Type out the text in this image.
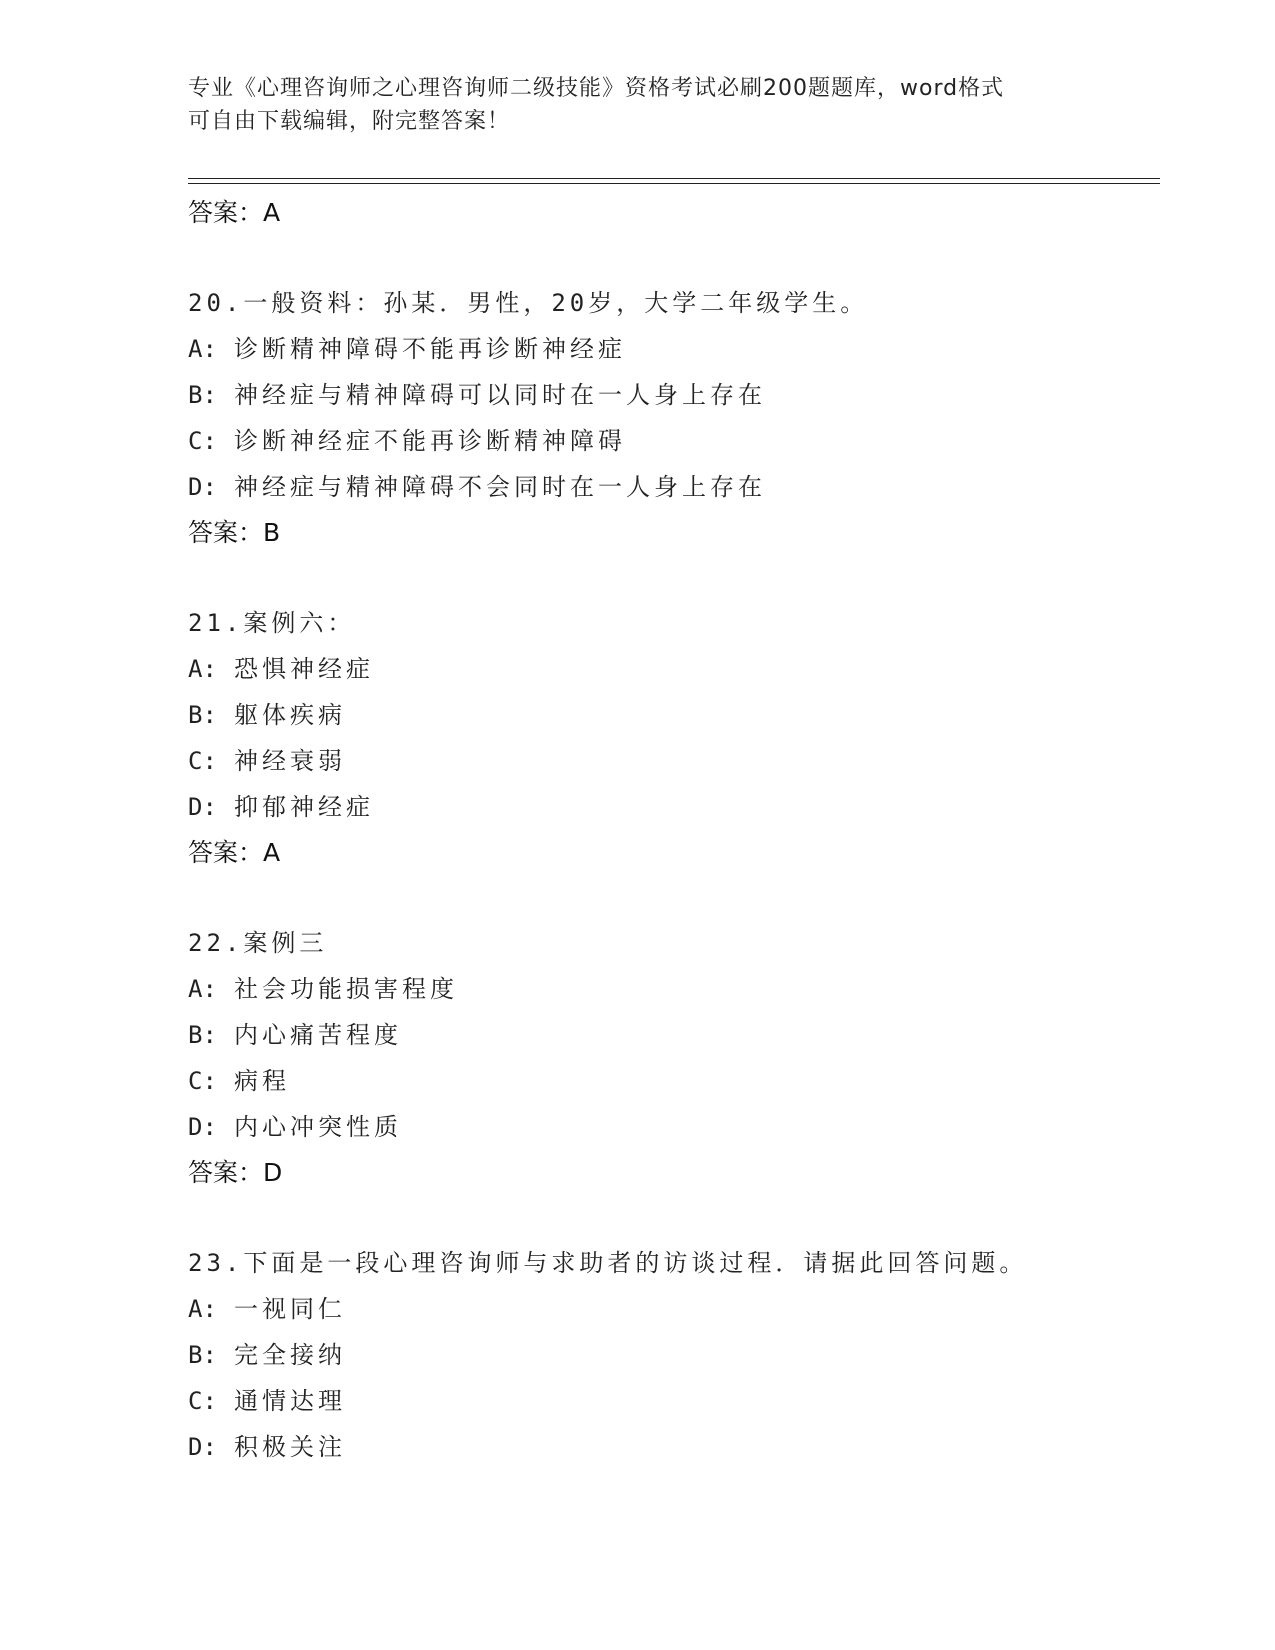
专业《心理咨询师之心理咨询师二级技能》资格考试必刷200题题库，word格式
可自由下载编辑，附完整答案！
答案：A
20.一般资料：孙某．男性，20岁，大学二年级学生。
A: 诊断精神障碍不能再诊断神经症
B: 神经症与精神障碍可以同时在一人身上存在
C: 诊断神经症不能再诊断精神障碍
D: 神经症与精神障碍不会同时在一人身上存在
答案：B
21.案例六：
A: 恐惧神经症
B: 躯体疾病
C: 神经衰弱
D: 抑郁神经症
答案：A
22.案例三
A: 社会功能损害程度
B: 内心痛苦程度
C: 病程
D: 内心冲突性质
答案：D
23.下面是一段心理咨询师与求助者的访谈过程．请据此回答问题。
A: 一视同仁
B: 完全接纳
C: 通情达理
D: 积极关注
